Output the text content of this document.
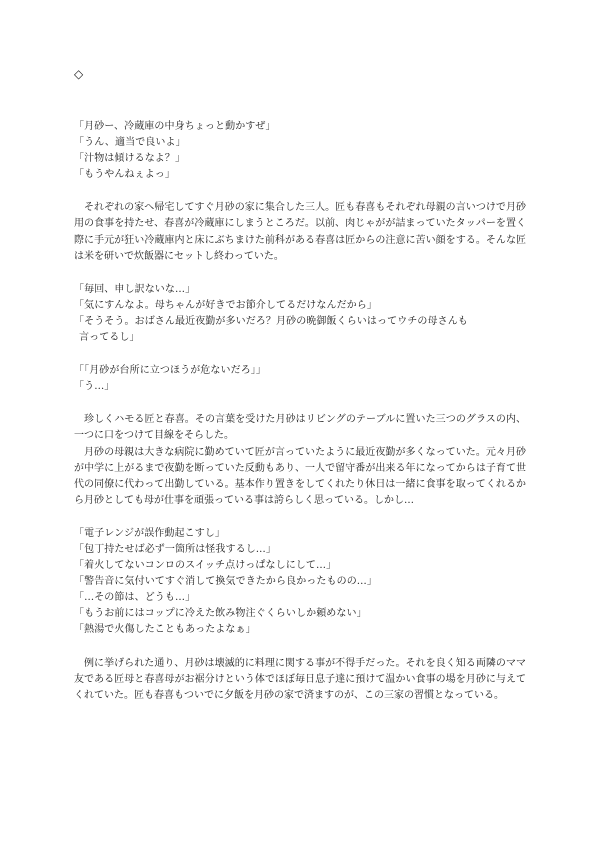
◇
「月砂ー、冷蔵庫の中身ちょっと動かすぜ」
「うん、適当で良いよ」
「汁物は傾けるなよ？」
「もうやんねぇよっ」

それぞれの家へ帰宅してすぐ月砂の家に集合した三人。匠も春喜もそれぞれ母親の言いつけで月砂用の食事を持たせ、春喜が冷蔵庫にしまうところだ。以前、肉じゃがが詰まっていたタッパーを置く際に手元が狂い冷蔵庫内と床にぶちまけた前科がある春喜は匠からの注意に苦い顔をする。そんな匠は米を研いで炊飯器にセットし終わっていた。

「毎回、申し訳ないな…」
「気にすんなよ。母ちゃんが好きでお節介してるだけなんだから」
「そうそう。おばさん最近夜勤が多いだろ？月砂の晩御飯くらいはってウチの母さんも
言ってるし」
「「月砂が台所に立つほうが危ないだろ」」
「う…」

珍しくハモる匠と春喜。その言葉を受けた月砂はリビングのテーブルに置いた三つのグラスの内、一つに口をつけて目線をそらした。

月砂の母親は大きな病院に勤めていて匠が言っていたように最近夜勤が多くなっていた。元々月砂が中学に上がるまで夜勤を断っていた反動もあり、一人で留守番が出来る年になってからは子育て世代の同僚に代わって出勤している。基本作り置きをしてくれたり休日は一緒に食事を取ってくれるから月砂としても母が仕事を頑張っている事は誇らしく思っている。しかし…

「電子レンジが誤作動起こすし」
「包丁持たせば必ず一箇所は怪我するし…」
「着火してないコンロのスイッチ点けっぱなしにして…」
「警告音に気付いてすぐ消して換気できたから良かったものの…」
「…その節は、どうも…」
「もうお前にはコップに冷えた飲み物注ぐくらいしか頼めない」
「熱湯で火傷したこともあったよなぁ」

例に挙げられた通り、月砂は壊滅的に料理に関する事が不得手だった。それを良く知る両隣のママ友である匠母と春喜母がお裾分けという体でほぼ毎日息子達に預けて温かい食事の場を月砂に与えてくれていた。匠も春喜もついでに夕飯を月砂の家で済ますのが、この三家の習慣となっている。
